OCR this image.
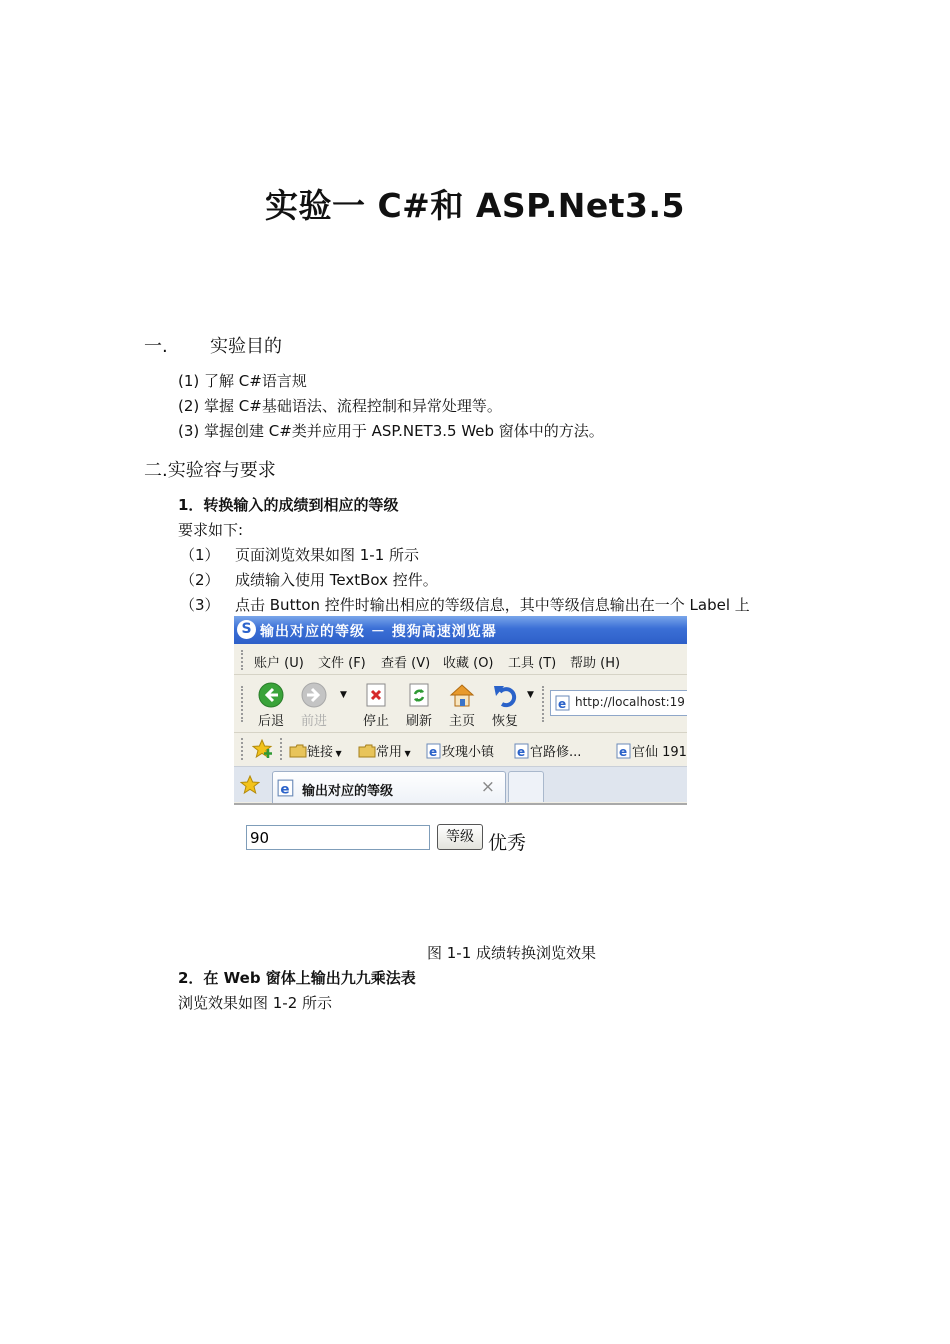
实验一 C#和 ASP.Net3.5
一. 实验目的
(1) 了解 C#语言规
(2) 掌握 C#基础语法、流程控制和异常处理等。
(3) 掌握创建 C#类并应用于 ASP.NET3.5 Web 窗体中的方法。
二.实验容与要求
1．转换输入的成绩到相应的等级
要求如下:
（1） 页面浏览效果如图 1-1 所示
（2） 成绩输入使用 TextBox 控件。
（3） 点击 Button 控件时输出相应的等级信息，其中等级信息输出在一个 Label 上
S 输出对应的等级 － 搜狗高速浏览器
账户 (U) 文件 (F) 查看 (V) 收藏 (O) 工具 (T) 帮助 (H)
后退	前进
▼
停止	刷新	主页	恢复
▼
e http://localhost:19
链接 ▼	常用 ▼ e 玫瑰小镇 e 官路修...	e 官仙 191
e 输出对应的等级	×
90
等级 优秀
图 1-1 成绩转换浏览效果
2．在 Web 窗体上输出九九乘法表
浏览效果如图 1-2 所示
